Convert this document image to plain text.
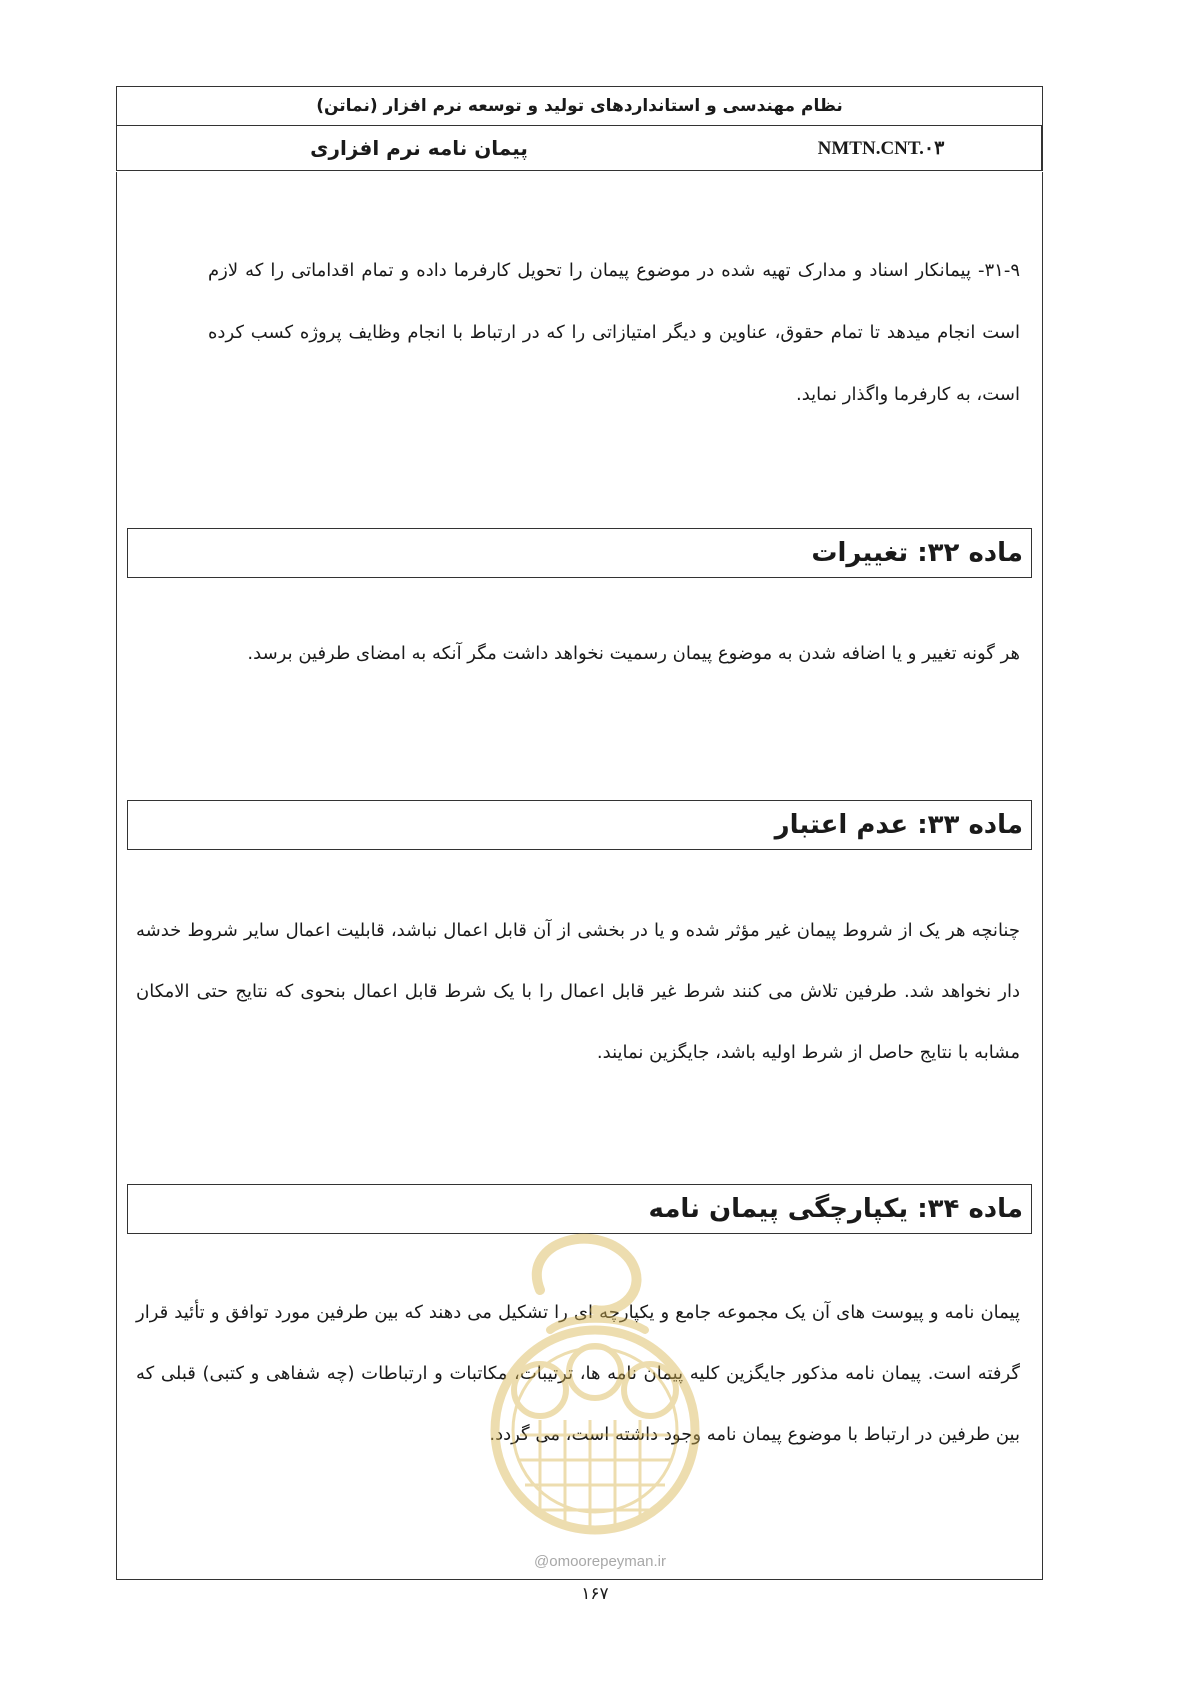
نظام مهندسی و استانداردهای تولید و توسعه نرم افزار (نماتن)
پیمان نامه نرم افزاری	NMTN.CNT.۰۳

۳۱-۹- پیمانکار اسناد و مدارک تهیه شده در موضوع پیمان را تحویل کارفرما داده و تمام اقداماتی را که لازم است انجام میدهد تا تمام حقوق، عناوین و دیگر امتیازاتی را که در ارتباط با انجام وظایف پروژه کسب کرده است، به کارفرما واگذار نماید.

ماده ۳۲: تغییرات

هر گونه تغییر و یا اضافه شدن به موضوع پیمان رسمیت نخواهد داشت مگر آنکه به امضای طرفین برسد.

ماده ۳۳: عدم اعتبار

چنانچه هر یک از شروط پیمان غیر مؤثر شده و یا در بخشی از آن قابل اعمال نباشد، قابلیت اعمال سایر شروط خدشه دار نخواهد شد. طرفین تلاش می کنند شرط غیر قابل اعمال را با یک شرط قابل اعمال بنحوی که نتایج حتی الامکان مشابه با نتایج حاصل از شرط اولیه باشد، جایگزین نمایند.

ماده ۳۴: یکپارچگی پیمان نامه

پیمان نامه و پیوست های آن یک مجموعه جامع و یکپارچه ای را تشکیل می دهند که بین طرفین مورد توافق و تأئید قرار گرفته است. پیمان نامه مذکور جایگزین کلیه پیمان نامه ها، ترتیبات، مکاتبات و ارتباطات (چه شفاهی و کتبی) قبلی که بین طرفین در ارتباط با موضوع پیمان نامه وجود داشته است، می گردد.

@omoorepeyman.ir
۱۶۷
